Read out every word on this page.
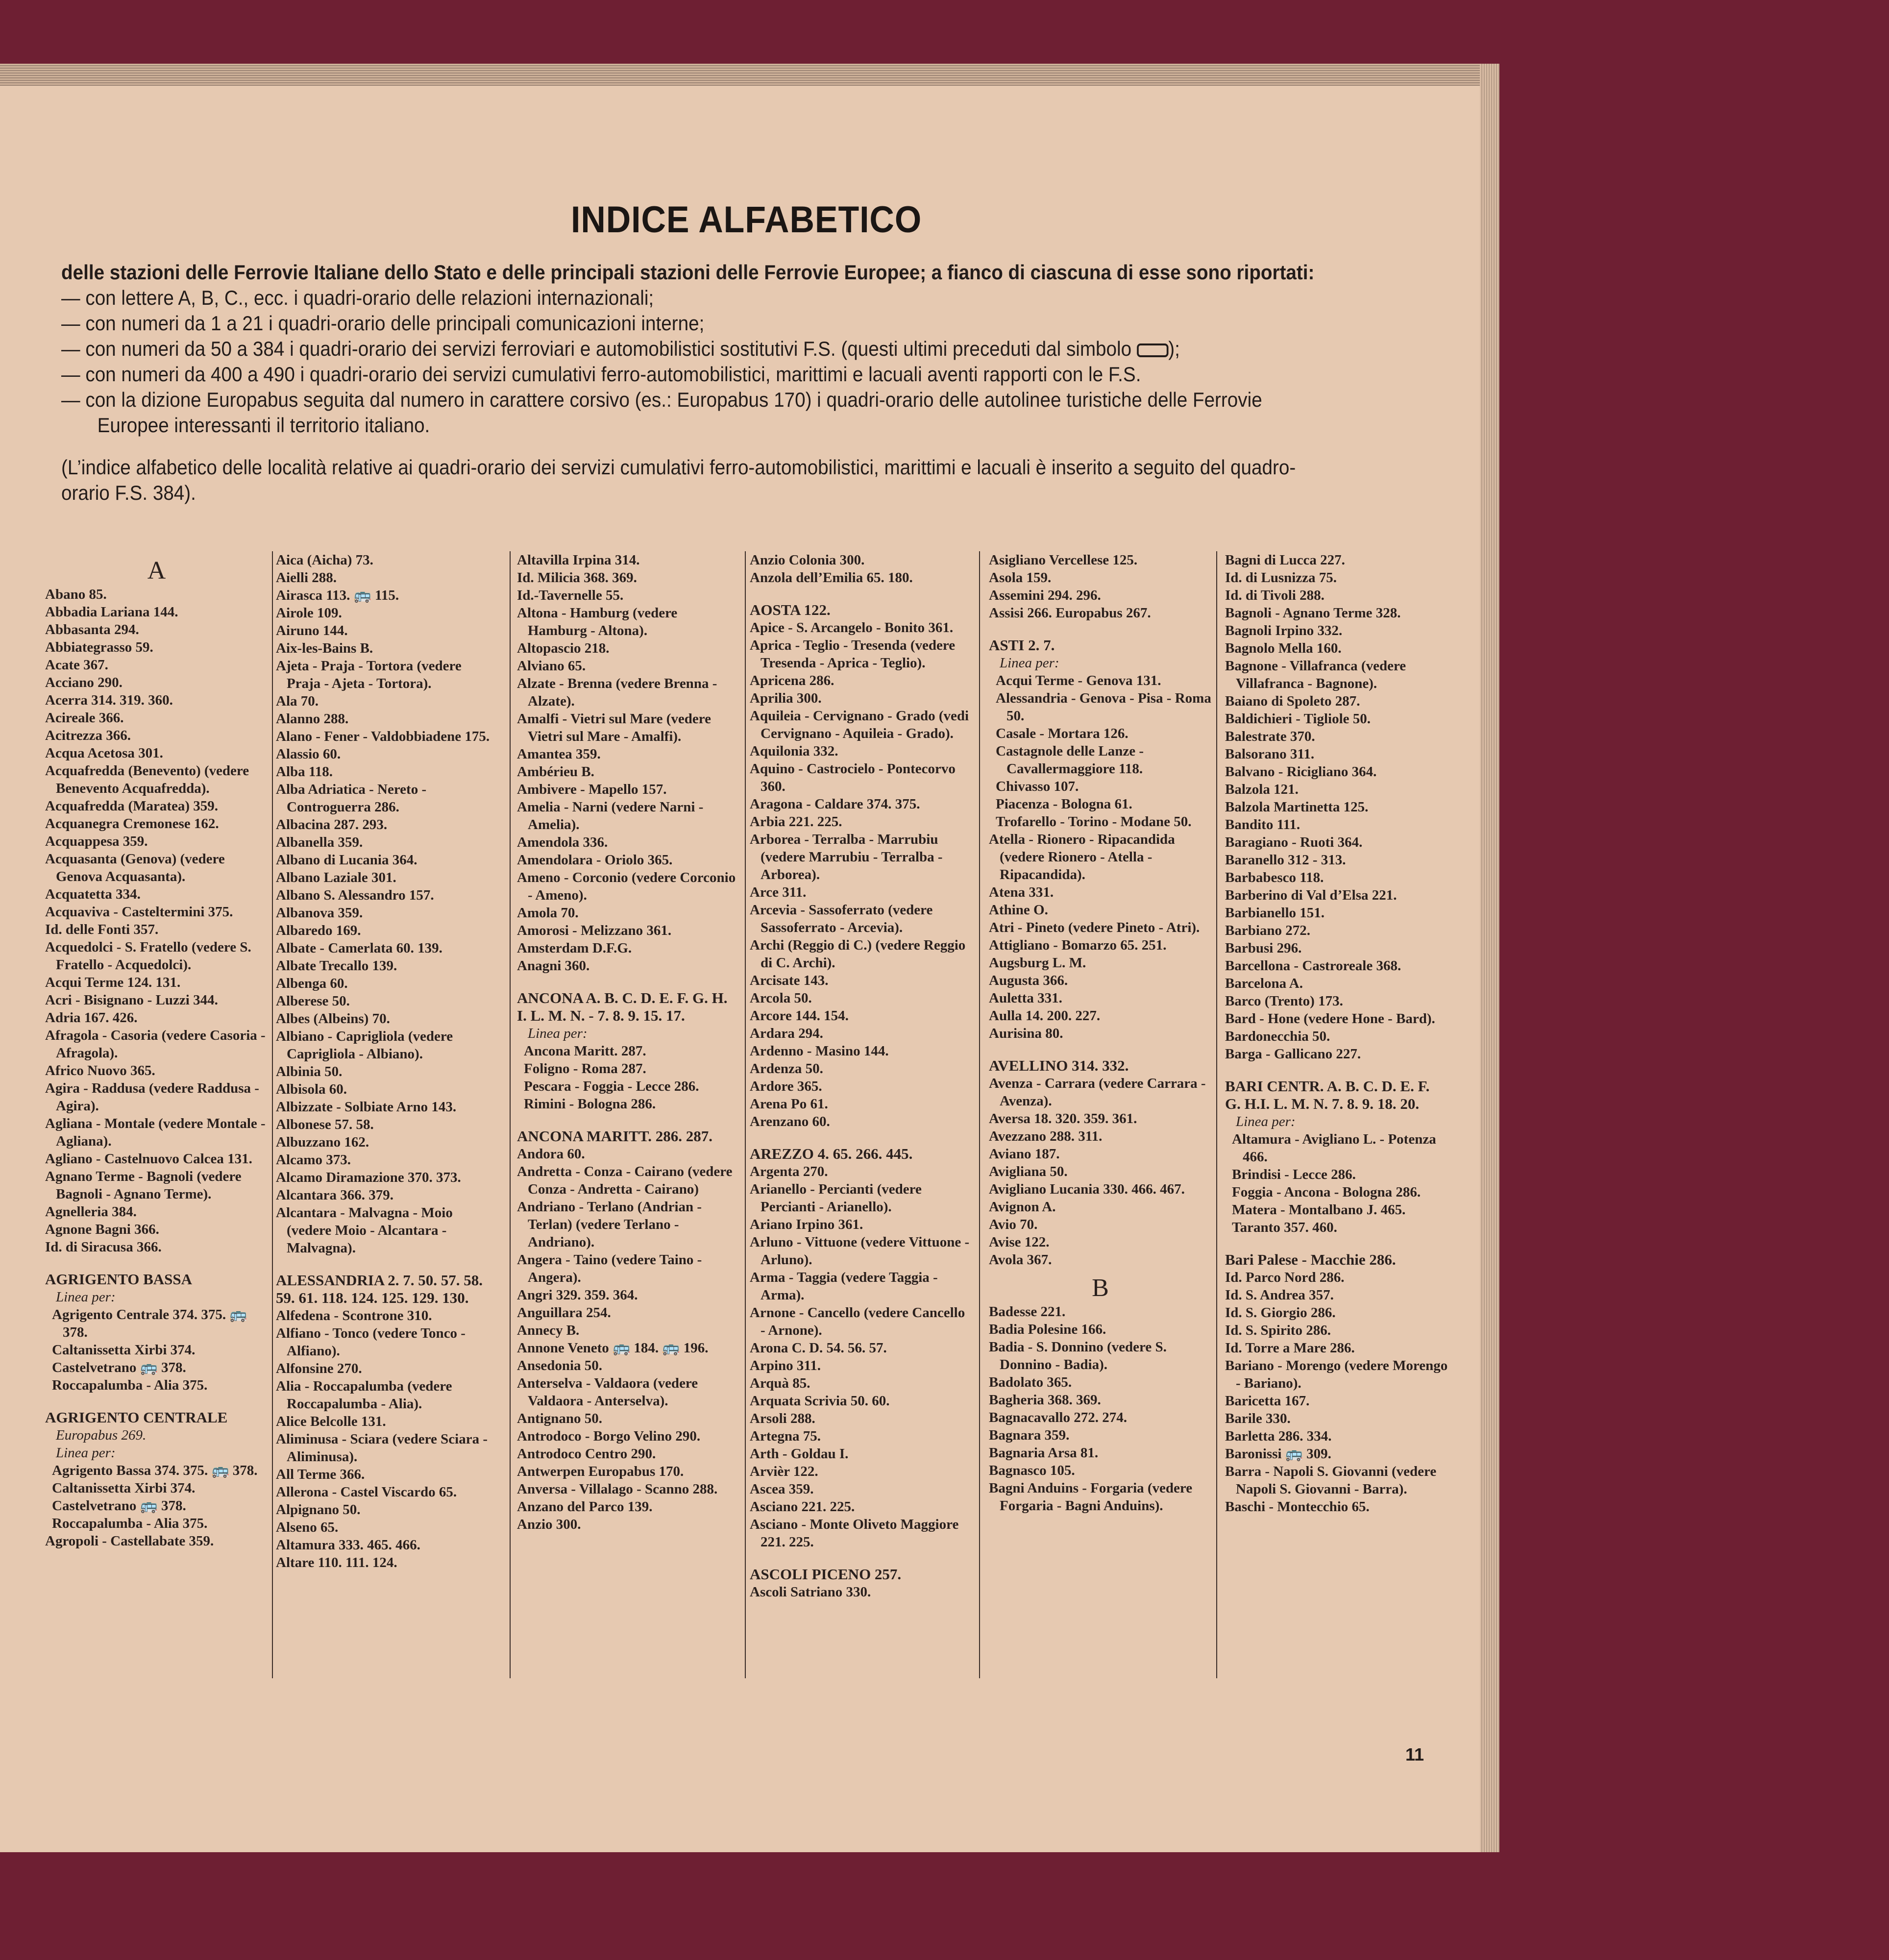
INDICE ALFABETICO
delle stazioni delle Ferrovie Italiane dello Stato e delle principali stazioni delle Ferrovie Europee; a fianco di ciascuna di esse sono riportati:
— con lettere A, B, C., ecc. i quadri-orario delle relazioni internazionali;
— con numeri da 1 a 21 i quadri-orario delle principali comunicazioni interne;
— con numeri da 50 a 384 i quadri-orario dei servizi ferroviari e automobilistici sostitutivi F.S. (questi ultimi preceduti dal simbolo );
— con numeri da 400 a 490 i quadri-orario dei servizi cumulativi ferro-automobilistici, marittimi e lacuali aventi rapporti con le F.S.
— con la dizione Europabus seguita dal numero in carattere corsivo (es.: Europabus 170) i quadri-orario delle autolinee turistiche delle Ferrovie Europee interessanti il territorio italiano.
(L’indice alfabetico delle località relative ai quadri-orario dei servizi cumulativi ferro-automobilistici, marittimi e lacuali è inserito a seguito del quadro-orario F.S. 384).
A
Abano 85.
Abbadia Lariana 144.
Abbasanta 294.
Abbiategrasso 59.
Acate 367.
Acciano 290.
Acerra 314. 319. 360.
Acireale 366.
Acitrezza 366.
Acqua Acetosa 301.
Acquafredda (Benevento) (vedere Benevento Acquafredda).
Acquafredda (Maratea) 359.
Acquanegra Cremonese 162.
Acquappesa 359.
Acquasanta (Genova) (vedere Genova Acquasanta).
Acquatetta 334.
Acquaviva - Casteltermini 375.
Id. delle Fonti 357.
Acquedolci - S. Fratello (vedere S. Fratello - Acquedolci).
Acqui Terme 124. 131.
Acri - Bisignano - Luzzi 344.
Adria 167. 426.
Afragola - Casoria (vedere Casoria - Afragola).
Africo Nuovo 365.
Agira - Raddusa (vedere Raddusa - Agira).
Agliana - Montale (vedere Montale - Agliana).
Agliano - Castelnuovo Calcea 131.
Agnano Terme - Bagnoli (vedere Bagnoli - Agnano Terme).
Agnelleria 384.
Agnone Bagni 366.
Id. di Siracusa 366.
AGRIGENTO BASSA
Linea per:
Agrigento Centrale 374. 375. 🚌 378.
Caltanissetta Xirbi 374.
Castelvetrano 🚌 378.
Roccapalumba - Alia 375.
AGRIGENTO CENTRALE
Europabus 269.
Linea per:
Agrigento Bassa 374. 375. 🚌 378.
Caltanissetta Xirbi 374.
Castelvetrano 🚌 378.
Roccapalumba - Alia 375.
Agropoli - Castellabate 359.
Aica (Aicha) 73.
Aielli 288.
Airasca 113. 🚌 115.
Airole 109.
Airuno 144.
Aix-les-Bains B.
Ajeta - Praja - Tortora (vedere Praja - Ajeta - Tortora).
Ala 70.
Alanno 288.
Alano - Fener - Valdobbiadene 175.
Alassio 60.
Alba 118.
Alba Adriatica - Nereto - Controguerra 286.
Albacina 287. 293.
Albanella 359.
Albano di Lucania 364.
Albano Laziale 301.
Albano S. Alessandro 157.
Albanova 359.
Albaredo 169.
Albate - Camerlata 60. 139.
Albate Trecallo 139.
Albenga 60.
Alberese 50.
Albes (Albeins) 70.
Albiano - Caprigliola (vedere Caprigliola - Albiano).
Albinia 50.
Albisola 60.
Albizzate - Solbiate Arno 143.
Albonese 57. 58.
Albuzzano 162.
Alcamo 373.
Alcamo Diramazione 370. 373.
Alcantara 366. 379.
Alcantara - Malvagna - Moio (vedere Moio - Alcantara - Malvagna).
ALESSANDRIA 2. 7. 50. 57. 58. 59. 61. 118. 124. 125. 129. 130.
Alfedena - Scontrone 310.
Alfiano - Tonco (vedere Tonco - Alfiano).
Alfonsine 270.
Alia - Roccapalumba (vedere Roccapalumba - Alia).
Alice Belcolle 131.
Aliminusa - Sciara (vedere Sciara - Aliminusa).
All Terme 366.
Allerona - Castel Viscardo 65.
Alpignano 50.
Alseno 65.
Altamura 333. 465. 466.
Altare 110. 111. 124.
Altavilla Irpina 314.
Id. Milicia 368. 369.
Id.-Tavernelle 55.
Altona - Hamburg (vedere Hamburg - Altona).
Altopascio 218.
Alviano 65.
Alzate - Brenna (vedere Brenna - Alzate).
Amalfi - Vietri sul Mare (vedere Vietri sul Mare - Amalfi).
Amantea 359.
Ambérieu B.
Ambivere - Mapello 157.
Amelia - Narni (vedere Narni - Amelia).
Amendola 336.
Amendolara - Oriolo 365.
Ameno - Corconio (vedere Corconio - Ameno).
Amola 70.
Amorosi - Melizzano 361.
Amsterdam D.F.G.
Anagni 360.
ANCONA A. B. C. D. E. F. G. H. I. L. M. N. - 7. 8. 9. 15. 17.
Linea per:
Ancona Maritt. 287.
Foligno - Roma 287.
Pescara - Foggia - Lecce 286.
Rimini - Bologna 286.
ANCONA MARITT. 286. 287.
Andora 60.
Andretta - Conza - Cairano (vedere Conza - Andretta - Cairano)
Andriano - Terlano (Andrian - Terlan) (vedere Terlano - Andriano).
Angera - Taino (vedere Taino - Angera).
Angri 329. 359. 364.
Anguillara 254.
Annecy B.
Annone Veneto 🚌 184. 🚌 196.
Ansedonia 50.
Anterselva - Valdaora (vedere Valdaora - Anterselva).
Antignano 50.
Antrodoco - Borgo Velino 290.
Antrodoco Centro 290.
Antwerpen Europabus 170.
Anversa - Villalago - Scanno 288.
Anzano del Parco 139.
Anzio 300.
Anzio Colonia 300.
Anzola dell’Emilia 65. 180.
AOSTA 122.
Apice - S. Arcangelo - Bonito 361.
Aprica - Teglio - Tresenda (vedere Tresenda - Aprica - Teglio).
Apricena 286.
Aprilia 300.
Aquileia - Cervignano - Grado (vedi Cervignano - Aquileia - Grado).
Aquilonia 332.
Aquino - Castrocielo - Pontecorvo 360.
Aragona - Caldare 374. 375.
Arbia 221. 225.
Arborea - Terralba - Marrubiu (vedere Marrubiu - Terralba - Arborea).
Arce 311.
Arcevia - Sassoferrato (vedere Sassoferrato - Arcevia).
Archi (Reggio di C.) (vedere Reggio di C. Archi).
Arcisate 143.
Arcola 50.
Arcore 144. 154.
Ardara 294.
Ardenno - Masino 144.
Ardenza 50.
Ardore 365.
Arena Po 61.
Arenzano 60.
AREZZO 4. 65. 266. 445.
Argenta 270.
Arianello - Percianti (vedere Percianti - Arianello).
Ariano Irpino 361.
Arluno - Vittuone (vedere Vittuone - Arluno).
Arma - Taggia (vedere Taggia - Arma).
Arnone - Cancello (vedere Cancello - Arnone).
Arona C. D. 54. 56. 57.
Arpino 311.
Arquà 85.
Arquata Scrivia 50. 60.
Arsoli 288.
Artegna 75.
Arth - Goldau I.
Arvièr 122.
Ascea 359.
Asciano 221. 225.
Asciano - Monte Oliveto Maggiore 221. 225.
ASCOLI PICENO 257.
Ascoli Satriano 330.
Asigliano Vercellese 125.
Asola 159.
Assemini 294. 296.
Assisi 266. Europabus 267.
ASTI 2. 7.
Linea per:
Acqui Terme - Genova 131.
Alessandria - Genova - Pisa - Roma 50.
Casale - Mortara 126.
Castagnole delle Lanze - Cavallermaggiore 118.
Chivasso 107.
Piacenza - Bologna 61.
Trofarello - Torino - Modane 50.
Atella - Rionero - Ripacandida (vedere Rionero - Atella - Ripacandida).
Atena 331.
Athine O.
Atri - Pineto (vedere Pineto - Atri).
Attigliano - Bomarzo 65. 251.
Augsburg L. M.
Augusta 366.
Auletta 331.
Aulla 14. 200. 227.
Aurisina 80.
AVELLINO 314. 332.
Avenza - Carrara (vedere Carrara - Avenza).
Aversa 18. 320. 359. 361.
Avezzano 288. 311.
Aviano 187.
Avigliana 50.
Avigliano Lucania 330. 466. 467.
Avignon A.
Avio 70.
Avise 122.
Avola 367.
B
Badesse 221.
Badia Polesine 166.
Badia - S. Donnino (vedere S. Donnino - Badia).
Badolato 365.
Bagheria 368. 369.
Bagnacavallo 272. 274.
Bagnara 359.
Bagnaria Arsa 81.
Bagnasco 105.
Bagni Anduins - Forgaria (vedere Forgaria - Bagni Anduins).
Bagni di Lucca 227.
Id. di Lusnizza 75.
Id. di Tivoli 288.
Bagnoli - Agnano Terme 328.
Bagnoli Irpino 332.
Bagnolo Mella 160.
Bagnone - Villafranca (vedere Villafranca - Bagnone).
Baiano di Spoleto 287.
Baldichieri - Tigliole 50.
Balestrate 370.
Balsorano 311.
Balvano - Ricigliano 364.
Balzola 121.
Balzola Martinetta 125.
Bandito 111.
Baragiano - Ruoti 364.
Baranello 312 - 313.
Barbabesco 118.
Barberino di Val d’Elsa 221.
Barbianello 151.
Barbiano 272.
Barbusi 296.
Barcellona - Castroreale 368.
Barcelona A.
Barco (Trento) 173.
Bard - Hone (vedere Hone - Bard).
Bardonecchia 50.
Barga - Gallicano 227.
BARI CENTR. A. B. C. D. E. F. G. H.I. L. M. N. 7. 8. 9. 18. 20.
Linea per:
Altamura - Avigliano L. - Potenza 466.
Brindisi - Lecce 286.
Foggia - Ancona - Bologna 286.
Matera - Montalbano J. 465.
Taranto 357. 460.
Bari Palese - Macchie 286.
Id. Parco Nord 286.
Id. S. Andrea 357.
Id. S. Giorgio 286.
Id. S. Spirito 286.
Id. Torre a Mare 286.
Bariano - Morengo (vedere Morengo - Bariano).
Baricetta 167.
Barile 330.
Barletta 286. 334.
Baronissi 🚌 309.
Barra - Napoli S. Giovanni (vedere Napoli S. Giovanni - Barra).
Baschi - Montecchio 65.
11
